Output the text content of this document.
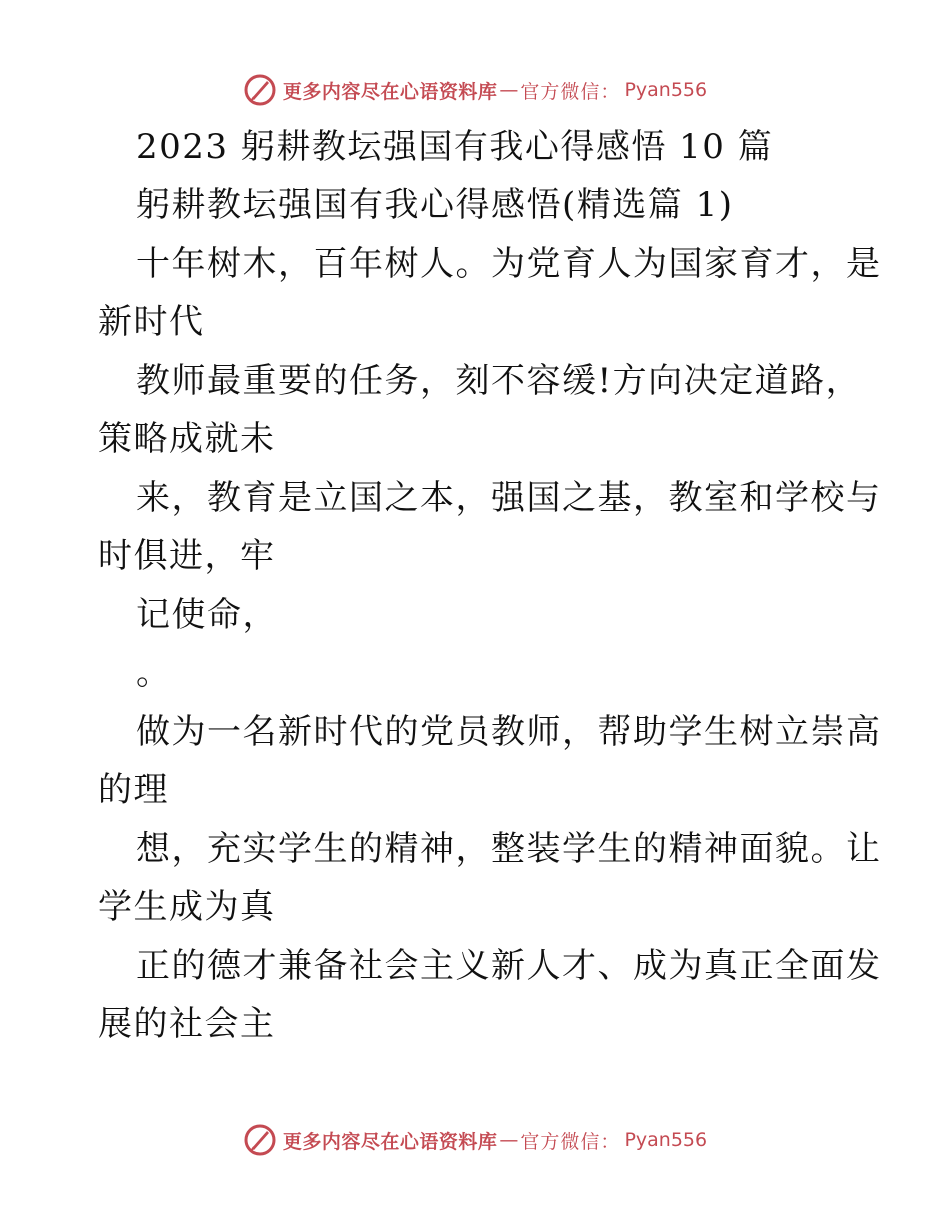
更多内容尽在心语资料库 — 官方微信： Pyan556
2023 躬耕教坛强国有我心得感悟 10 篇
躬耕教坛强国有我心得感悟(精选篇 1)
十年树木，百年树人。为党育人为国家育才，是
新时代
教师最重要的任务，刻不容缓!方向决定道路，
策略成就未
来，教育是立国之本，强国之基，教室和学校与
时俱进，牢
记使命，
。
做为一名新时代的党员教师，帮助学生树立崇高
的理
想，充实学生的精神，整装学生的精神面貌。让
学生成为真
正的德才兼备社会主义新人才、成为真正全面发
展的社会主
更多内容尽在心语资料库 — 官方微信： Pyan556
